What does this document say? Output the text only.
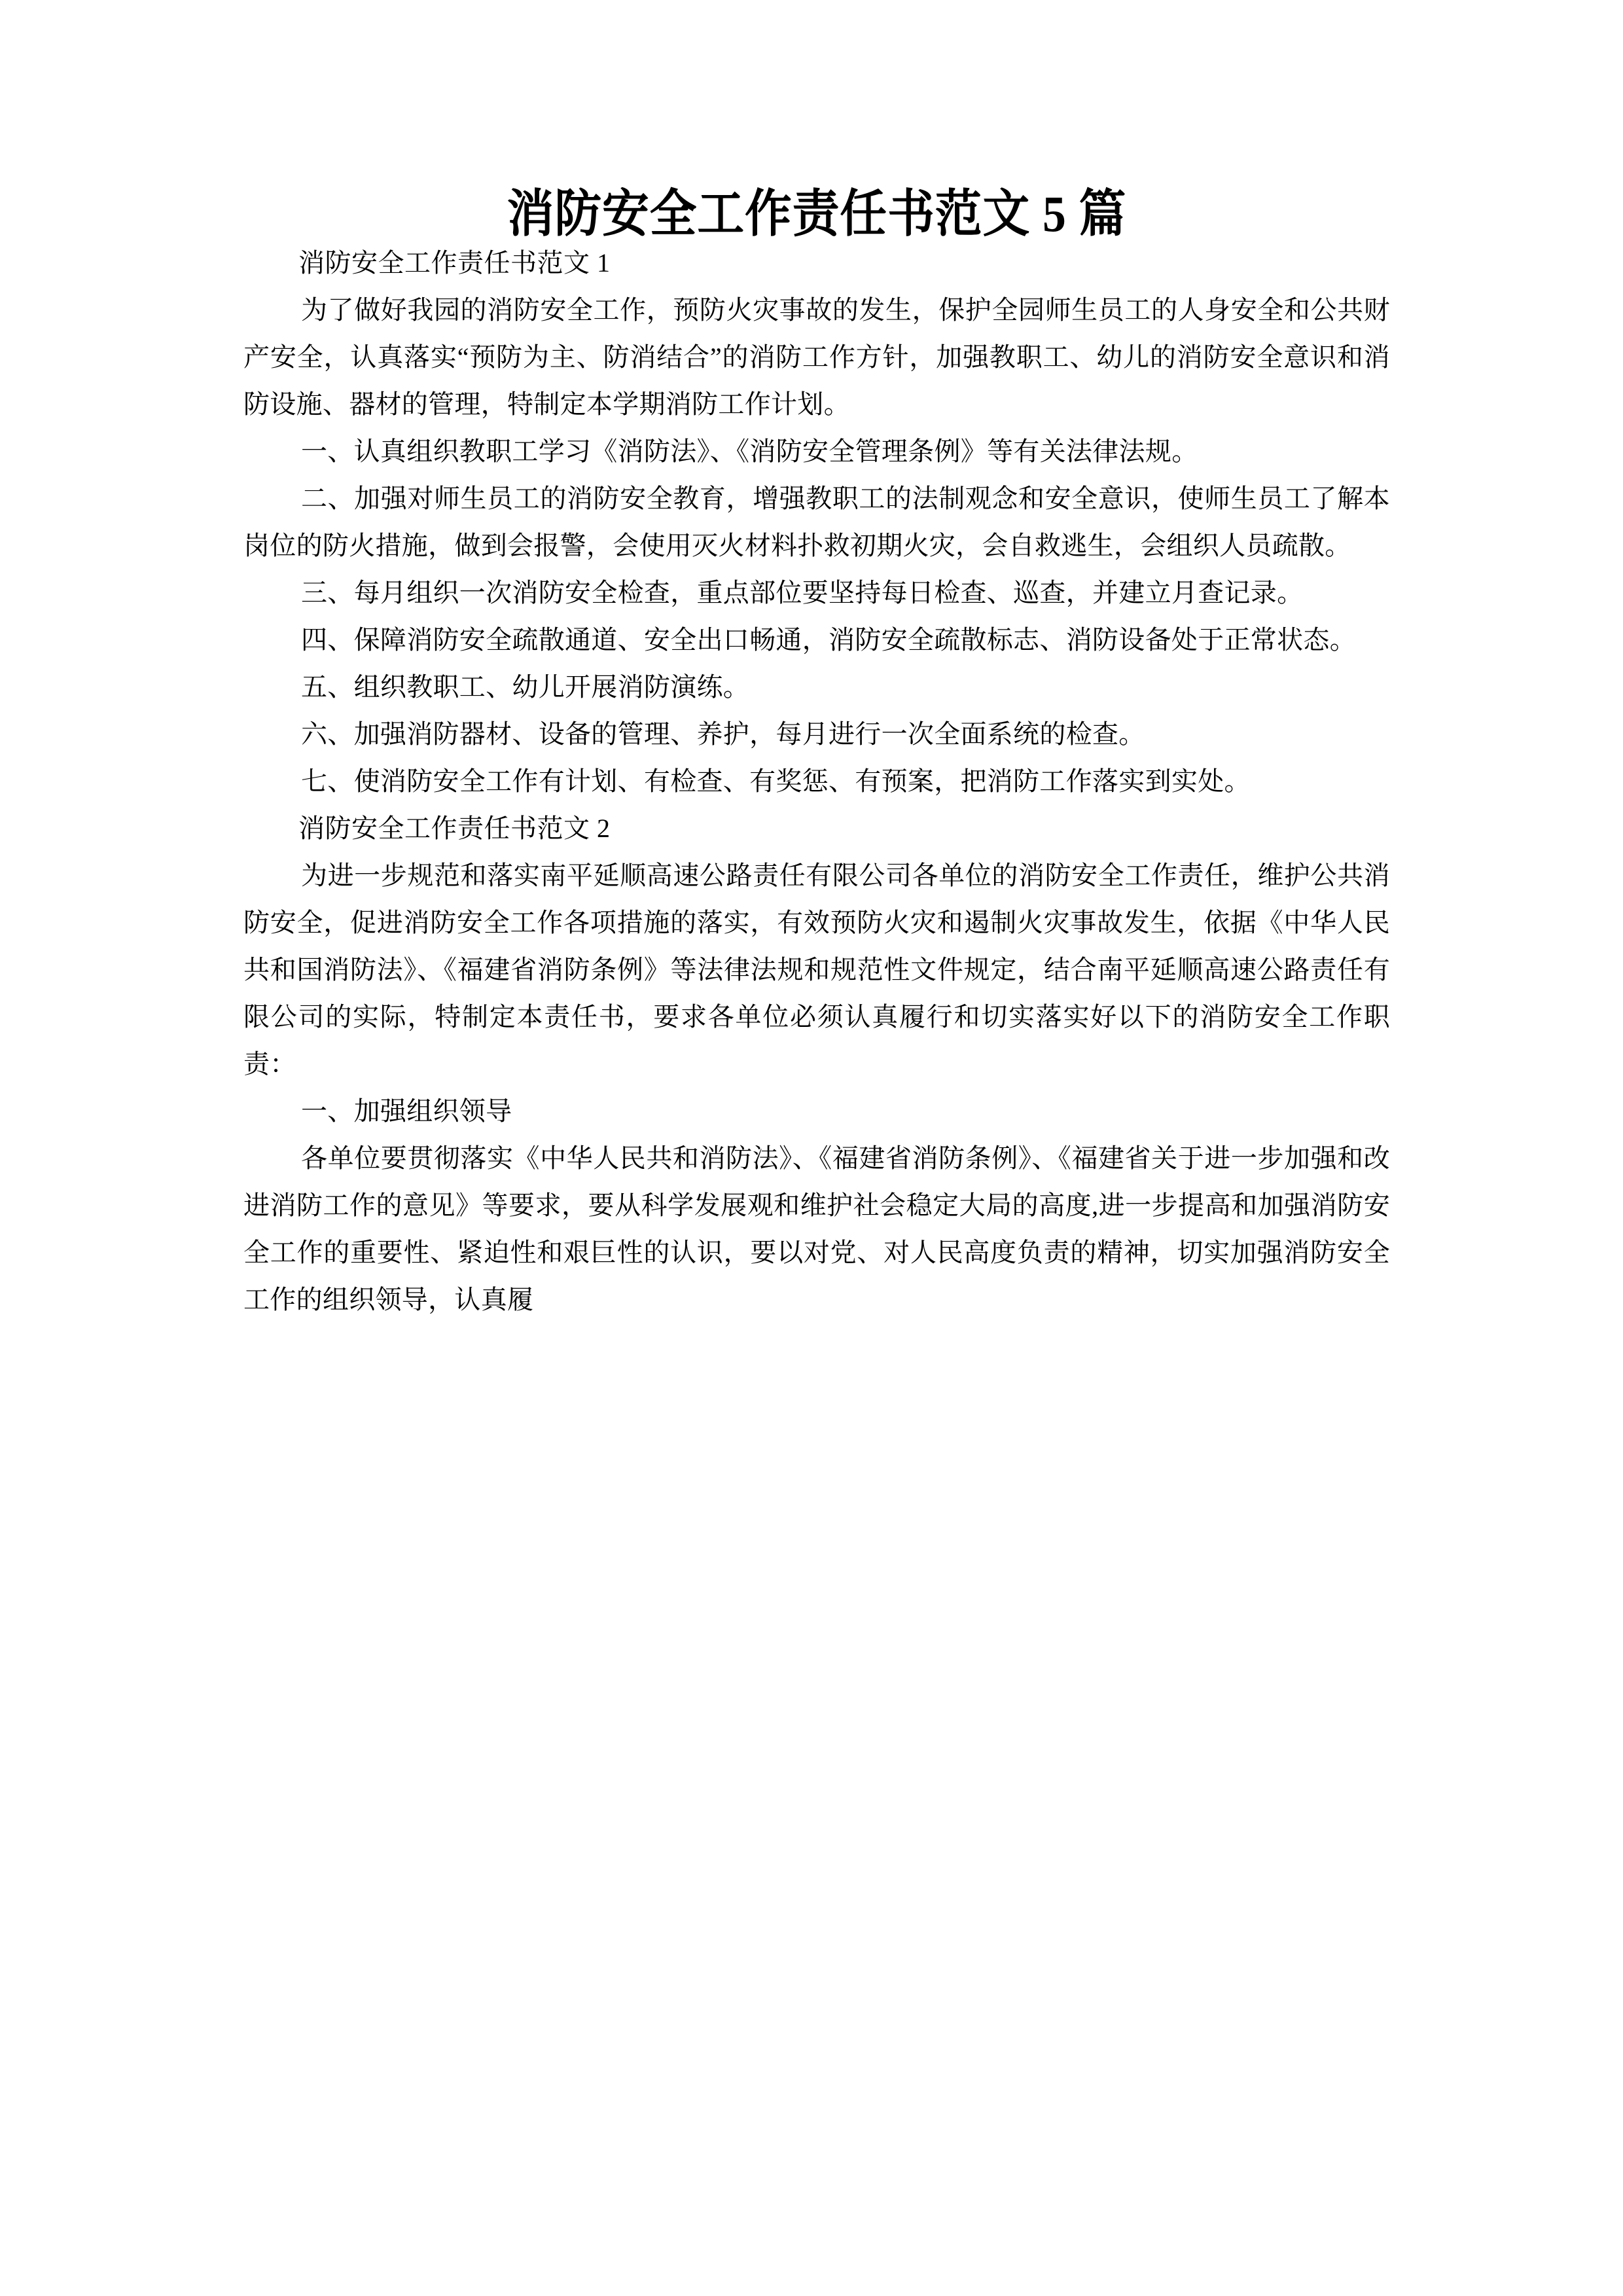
消防安全工作责任书范文 5 篇

消防安全工作责任书范文 1

为了做好我园的消防安全工作，预防火灾事故的发生，保护全园师生员工的人身安全和公共财产安全，认真落实“预防为主、防消结合”的消防工作方针，加强教职工、幼儿的消防安全意识和消防设施、器材的管理，特制定本学期消防工作计划。

一、认真组织教职工学习《消防法》、《消防安全管理条例》等有关法律法规。

二、加强对师生员工的消防安全教育，增强教职工的法制观念和安全意识，使师生员工了解本岗位的防火措施，做到会报警，会使用灭火材料扑救初期火灾，会自救逃生，会组织人员疏散。

三、每月组织一次消防安全检查，重点部位要坚持每日检查、巡查，并建立月查记录。

四、保障消防安全疏散通道、安全出口畅通，消防安全疏散标志、消防设备处于正常状态。

五、组织教职工、幼儿开展消防演练。

六、加强消防器材、设备的管理、养护，每月进行一次全面系统的检查。

七、使消防安全工作有计划、有检查、有奖惩、有预案，把消防工作落实到实处。

消防安全工作责任书范文 2

为进一步规范和落实南平延顺高速公路责任有限公司各单位的消防安全工作责任，维护公共消防安全，促进消防安全工作各项措施的落实，有效预防火灾和遏制火灾事故发生，依据《中华人民共和国消防法》、《福建省消防条例》等法律法规和规范性文件规定，结合南平延顺高速公路责任有限公司的实际，特制定本责任书，要求各单位必须认真履行和切实落实好以下的消防安全工作职责：

一、加强组织领导

各单位要贯彻落实《中华人民共和消防法》、《福建省消防条例》、《福建省关于进一步加强和改进消防工作的意见》等要求，要从科学发展观和维护社会稳定大局的高度,进一步提高和加强消防安全工作的重要性、紧迫性和艰巨性的认识，要以对党、对人民高度负责的精神，切实加强消防安全工作的组织领导，认真履
